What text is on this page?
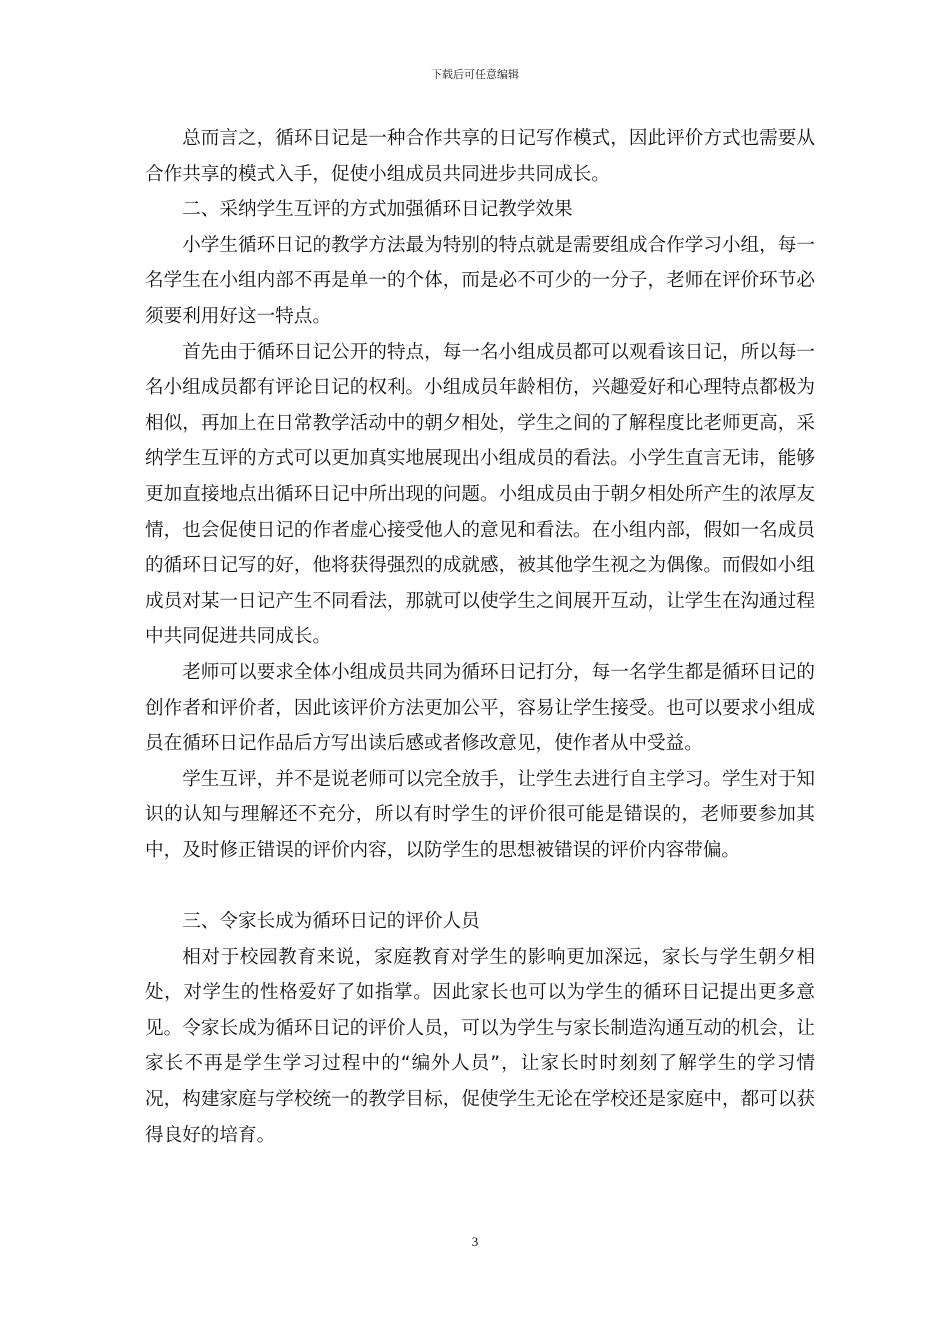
下载后可任意编辑

总而言之，循环日记是一种合作共享的日记写作模式，因此评价方式也需要从合作共享的模式入手，促使小组成员共同进步共同成长。

二、采纳学生互评的方式加强循环日记教学效果

小学生循环日记的教学方法最为特别的特点就是需要组成合作学习小组，每一名学生在小组内部不再是单一的个体，而是必不可少的一分子，老师在评价环节必须要利用好这一特点。

首先由于循环日记公开的特点，每一名小组成员都可以观看该日记，所以每一名小组成员都有评论日记的权利。小组成员年龄相仿，兴趣爱好和心理特点都极为相似，再加上在日常教学活动中的朝夕相处，学生之间的了解程度比老师更高，采纳学生互评的方式可以更加真实地展现出小组成员的看法。小学生直言无讳，能够更加直接地点出循环日记中所出现的问题。小组成员由于朝夕相处所产生的浓厚友情，也会促使日记的作者虚心接受他人的意见和看法。在小组内部，假如一名成员的循环日记写的好，他将获得强烈的成就感，被其他学生视之为偶像。而假如小组成员对某一日记产生不同看法，那就可以使学生之间展开互动，让学生在沟通过程中共同促进共同成长。

老师可以要求全体小组成员共同为循环日记打分，每一名学生都是循环日记的创作者和评价者，因此该评价方法更加公平，容易让学生接受。也可以要求小组成员在循环日记作品后方写出读后感或者修改意见，使作者从中受益。

学生互评，并不是说老师可以完全放手，让学生去进行自主学习。学生对于知识的认知与理解还不充分，所以有时学生的评价很可能是错误的，老师要参加其中，及时修正错误的评价内容，以防学生的思想被错误的评价内容带偏。

三、令家长成为循环日记的评价人员

相对于校园教育来说，家庭教育对学生的影响更加深远，家长与学生朝夕相处，对学生的性格爱好了如指掌。因此家长也可以为学生的循环日记提出更多意见。令家长成为循环日记的评价人员，可以为学生与家长制造沟通互动的机会，让家长不再是学生学习过程中的“编外人员”，让家长时时刻刻了解学生的学习情况，构建家庭与学校统一的教学目标，促使学生无论在学校还是家庭中，都可以获得良好的培育。

3
